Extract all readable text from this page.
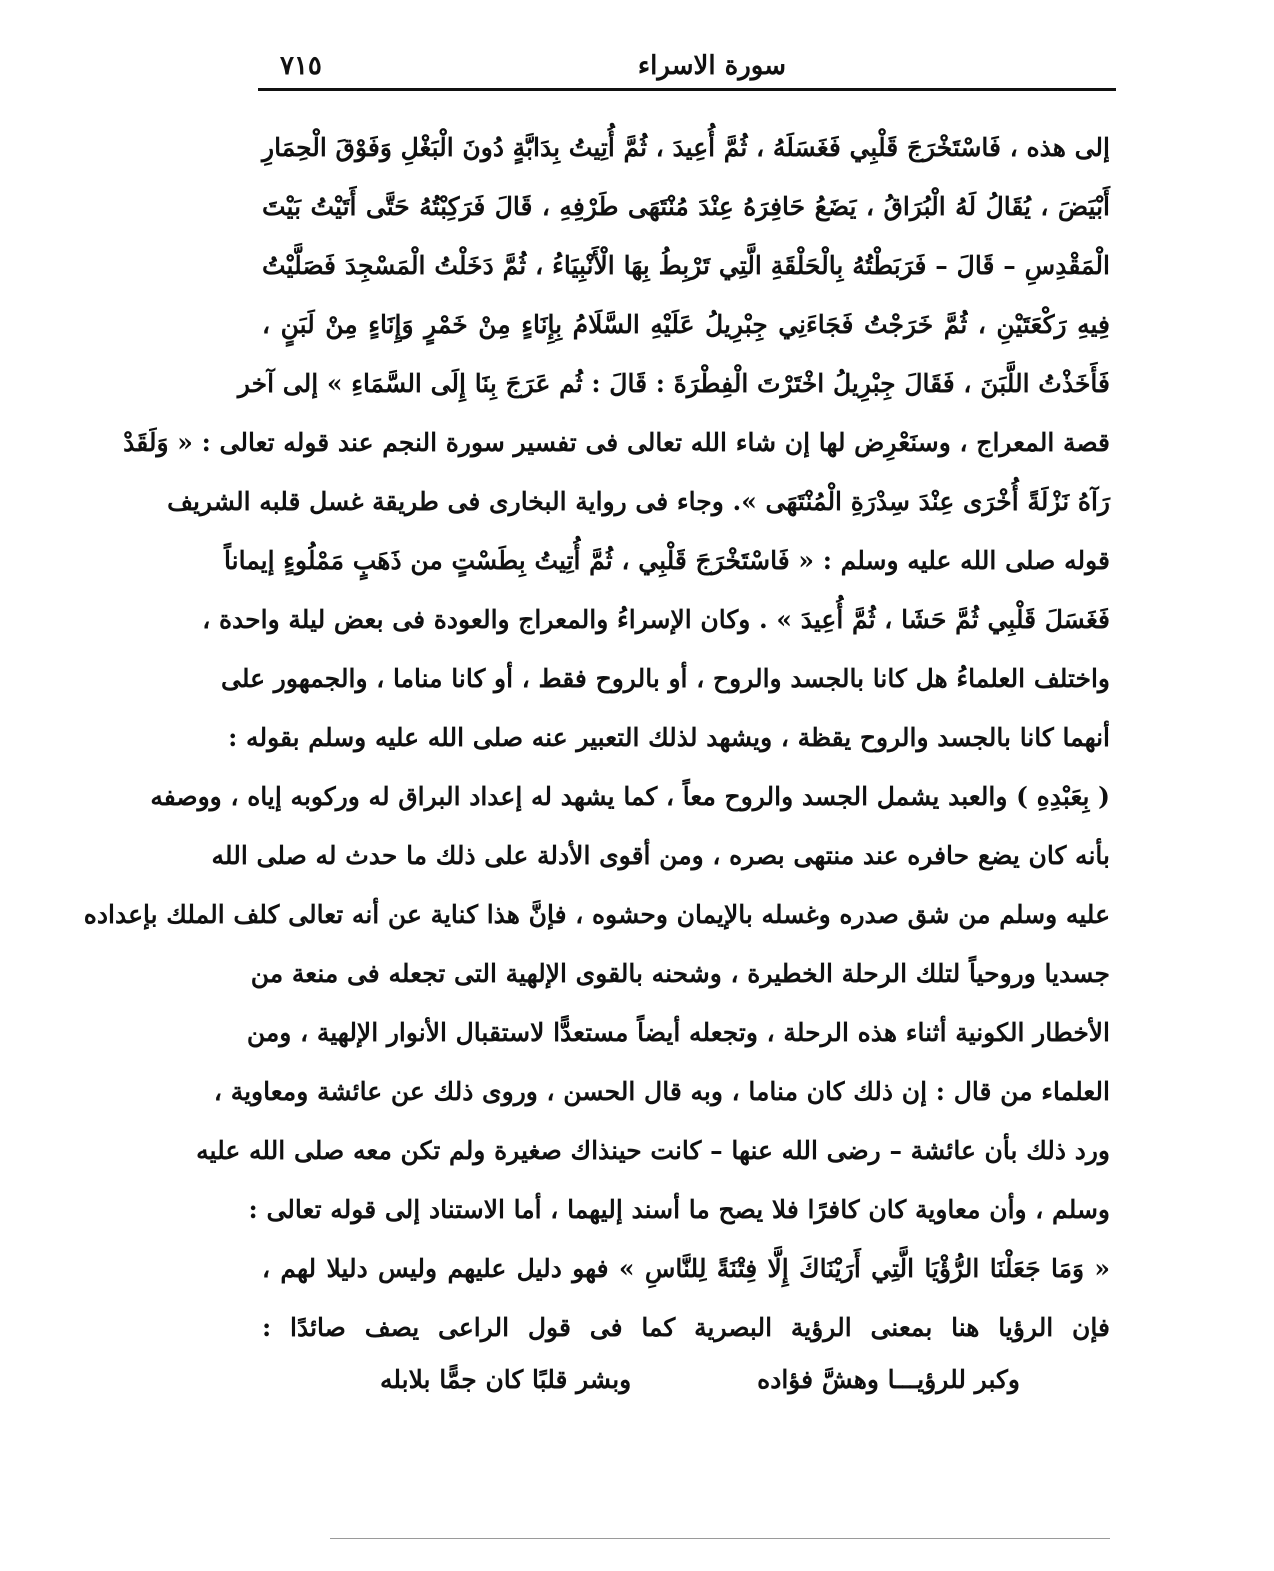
سورة الاسراء
٧١٥
إلى هذه ، فَاسْتَخْرَجَ قَلْبِي فَغَسَلَهُ ، ثُمَّ أُعِيدَ ، ثُمَّ أُتِيتُ بِدَابَّةٍ دُونَ الْبَغْلِ وَفَوْقَ الْحِمَارِ
أَبْيَضَ ، يُقَالُ لَهُ الْبُرَاقُ ، يَضَعُ حَافِرَهُ عِنْدَ مُنْتَهَى طَرْفِهِ ، قَالَ فَرَكِبْتُهُ حَتَّى أَتَيْتُ بَيْتَ
الْمَقْدِسِ – قَالَ – فَرَبَطْتُهُ بِالْحَلْقَةِ الَّتِي تَرْبِطُ بِهَا الْأَنْبِيَاءُ ، ثُمَّ دَخَلْتُ الْمَسْجِدَ فَصَلَّيْتُ
فِيهِ رَكْعَتَيْنِ ، ثُمَّ خَرَجْتُ فَجَاءَنِي جِبْرِيلُ عَلَيْهِ السَّلَامُ بِإِنَاءٍ مِنْ خَمْرٍ وَإِنَاءٍ مِنْ لَبَنٍ ،
فَأَخَذْتُ اللَّبَنَ ، فَقَالَ جِبْرِيلُ اخْتَرْتَ الْفِطْرَةَ : قَالَ : ثُم عَرَجَ بِنَا إِلَى السَّمَاءِ » إلى آخر
قصة المعراج ، وسنَعْرِض لها إن شاء الله تعالى فى تفسير سورة النجم عند قوله تعالى : « وَلَقَدْ
رَآهُ نَزْلَةً أُخْرَى عِنْدَ سِدْرَةِ الْمُنْتَهَى ». وجاء فى رواية البخارى فى طريقة غسل قلبه الشريف
قوله صلى الله عليه وسلم : « فَاسْتَخْرَجَ قَلْبِي ، ثُمَّ أُتِيتُ بِطَسْتٍ من ذَهَبٍ مَمْلُوءٍ إيماناً
فَغَسَلَ قَلْبِي ثُمَّ حَشَا ، ثُمَّ أُعِيدَ » . وكان الإسراءُ والمعراج والعودة فى بعض ليلة واحدة ،
واختلف العلماءُ هل كانا بالجسد والروح ، أو بالروح فقط ، أو كانا مناما ، والجمهور على
أنهما كانا بالجسد والروح يقظة ، ويشهد لذلك التعبير عنه صلى الله عليه وسلم بقوله :
( بِعَبْدِهِ ) والعبد يشمل الجسد والروح معاً ، كما يشهد له إعداد البراق له وركوبه إياه ، ووصفه
بأنه كان يضع حافره عند منتهى بصره ، ومن أقوى الأدلة على ذلك ما حدث له صلى الله
عليه وسلم من شق صدره وغسله بالإيمان وحشوه ، فإنَّ هذا كناية عن أنه تعالى كلف الملك بإعداده
جسديا وروحياً لتلك الرحلة الخطيرة ، وشحنه بالقوى الإلهية التى تجعله فى منعة من
الأخطار الكونية أثناء هذه الرحلة ، وتجعله أيضاً مستعدًّا لاستقبال الأنوار الإلهية ، ومن
العلماء من قال : إن ذلك كان مناما ، وبه قال الحسن ، وروى ذلك عن عائشة ومعاوية ،
ورد ذلك بأن عائشة – رضى الله عنها – كانت حينذاك صغيرة ولم تكن معه صلى الله عليه
وسلم ، وأن معاوية كان كافرًا فلا يصح ما أسند إليهما ، أما الاستناد إلى قوله تعالى :
« وَمَا جَعَلْنَا الرُّؤْيَا الَّتِي أَرَيْنَاكَ إِلَّا فِتْنَةً لِلنَّاسِ » فهو دليل عليهم وليس دليلا لهم ،
فإن الرؤيا هنا بمعنى الرؤية البصرية كما فى قول الراعى يصف صائدًا :
وكبر للرؤيـــا وهشَّ فؤاده
وبشر قلبًا كان جمًّا بلابله
